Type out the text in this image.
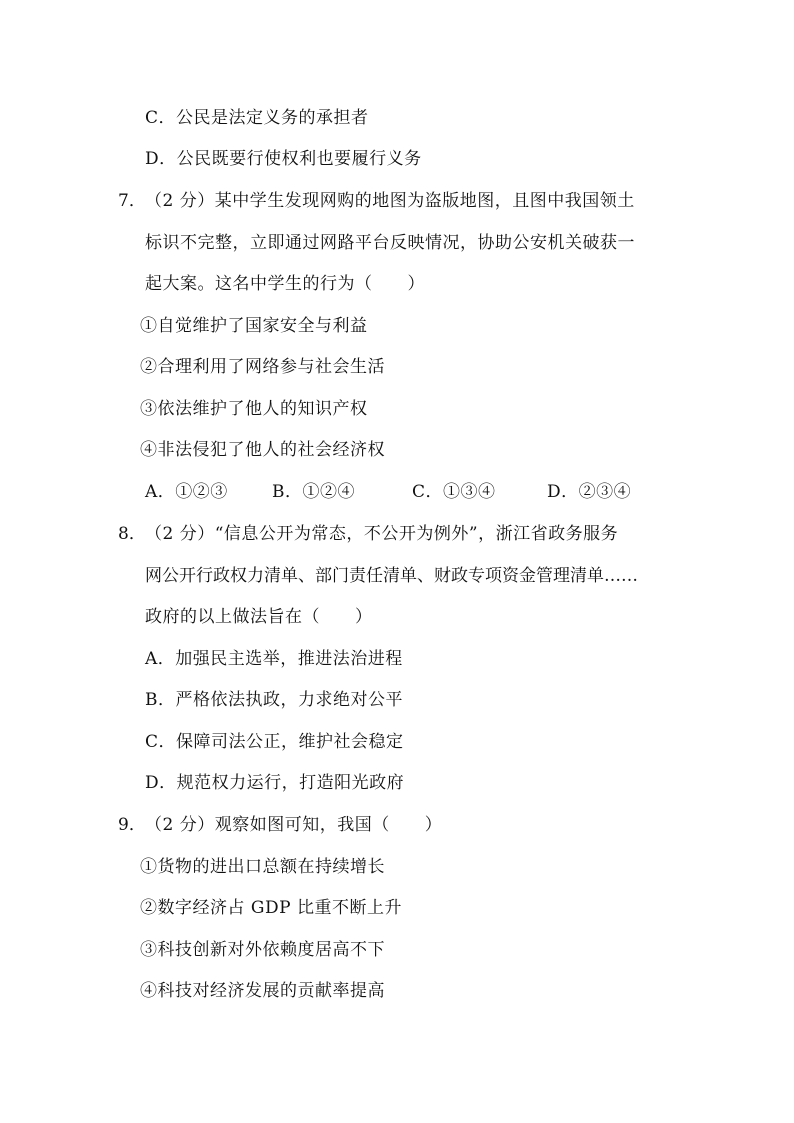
C．公民是法定义务的承担者
D．公民既要行使权利也要履行义务
7． （2 分）某中学生发现网购的地图为盗版地图，且图中我国领土
标识不完整，立即通过网路平台反映情况，协助公安机关破获一
起大案。这名中学生的行为（　　）
①自觉维护了国家安全与利益
②合理利用了网络参与社会生活
③依法维护了他人的知识产权
④非法侵犯了他人的社会经济权
A．①②③	B．①②④	C．①③④	D．②③④
8． （2 分）“信息公开为常态，不公开为例外”，浙江省政务服务
网公开行政权力清单、部门责任清单、财政专项资金管理清单……
政府的以上做法旨在（　　）
A．加强民主选举，推进法治进程
B．严格依法执政，力求绝对公平
C．保障司法公正，维护社会稳定
D．规范权力运行，打造阳光政府
9． （2 分）观察如图可知，我国（　　）
①货物的进出口总额在持续增长
②数字经济占 GDP 比重不断上升
③科技创新对外依赖度居高不下
④科技对经济发展的贡献率提高
